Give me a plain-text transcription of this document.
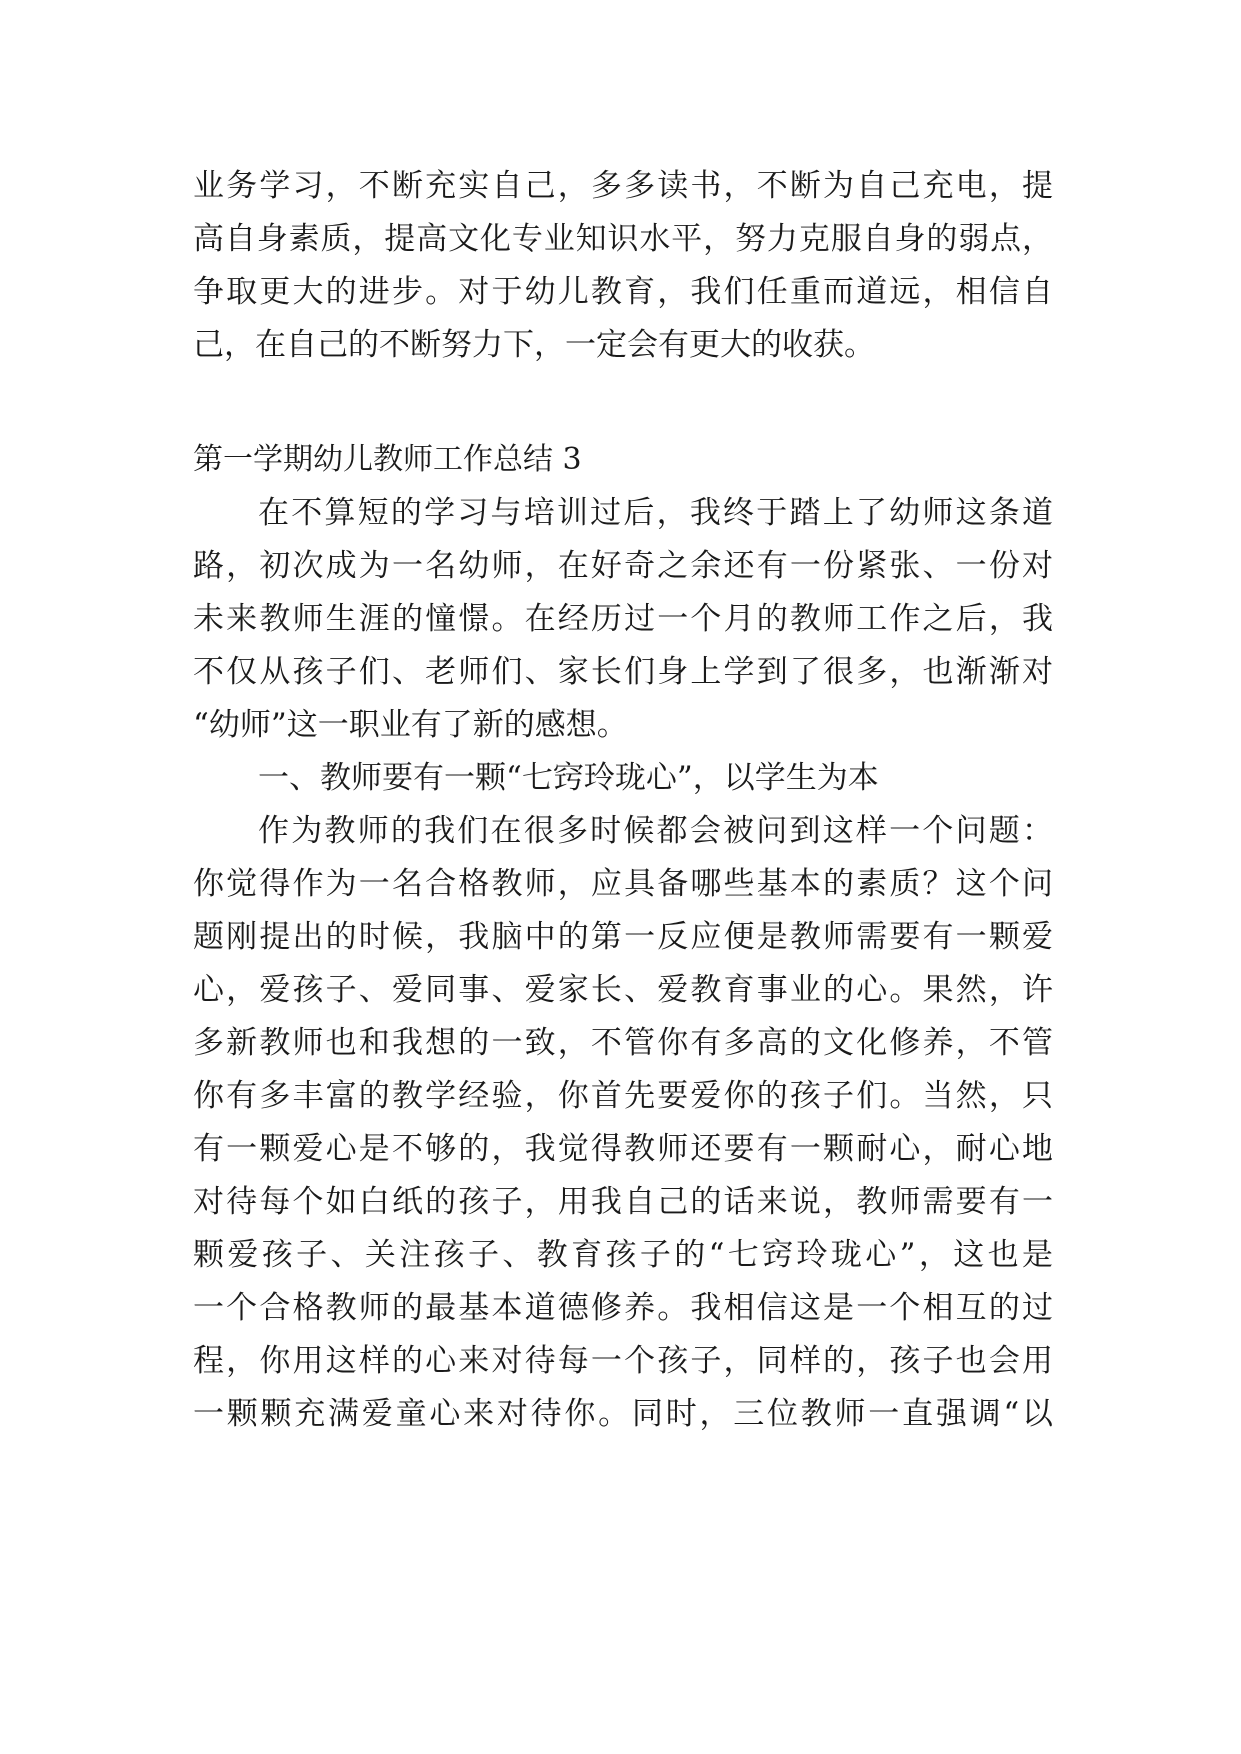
业务学习，不断充实自己，多多读书，不断为自己充电，提
高自身素质，提高文化专业知识水平，努力克服自身的弱点，
争取更大的进步。对于幼儿教育，我们任重而道远，相信自
己，在自己的不断努力下，一定会有更大的收获。
第一学期幼儿教师工作总结 3
在不算短的学习与培训过后，我终于踏上了幼师这条道
路，初次成为一名幼师，在好奇之余还有一份紧张、一份对
未来教师生涯的憧憬。在经历过一个月的教师工作之后，我
不仅从孩子们、老师们、家长们身上学到了很多，也渐渐对
“幼师”这一职业有了新的感想。
一、教师要有一颗“七窍玲珑心”，以学生为本
作为教师的我们在很多时候都会被问到这样一个问题：
你觉得作为一名合格教师，应具备哪些基本的素质？这个问
题刚提出的时候，我脑中的第一反应便是教师需要有一颗爱
心，爱孩子、爱同事、爱家长、爱教育事业的心。果然，许
多新教师也和我想的一致，不管你有多高的文化修养，不管
你有多丰富的教学经验，你首先要爱你的孩子们。当然，只
有一颗爱心是不够的，我觉得教师还要有一颗耐心，耐心地
对待每个如白纸的孩子，用我自己的话来说，教师需要有一
颗爱孩子、关注孩子、教育孩子的“七窍玲珑心”，这也是
一个合格教师的最基本道德修养。我相信这是一个相互的过
程，你用这样的心来对待每一个孩子，同样的，孩子也会用
一颗颗充满爱童心来对待你。同时，三位教师一直强调“以
